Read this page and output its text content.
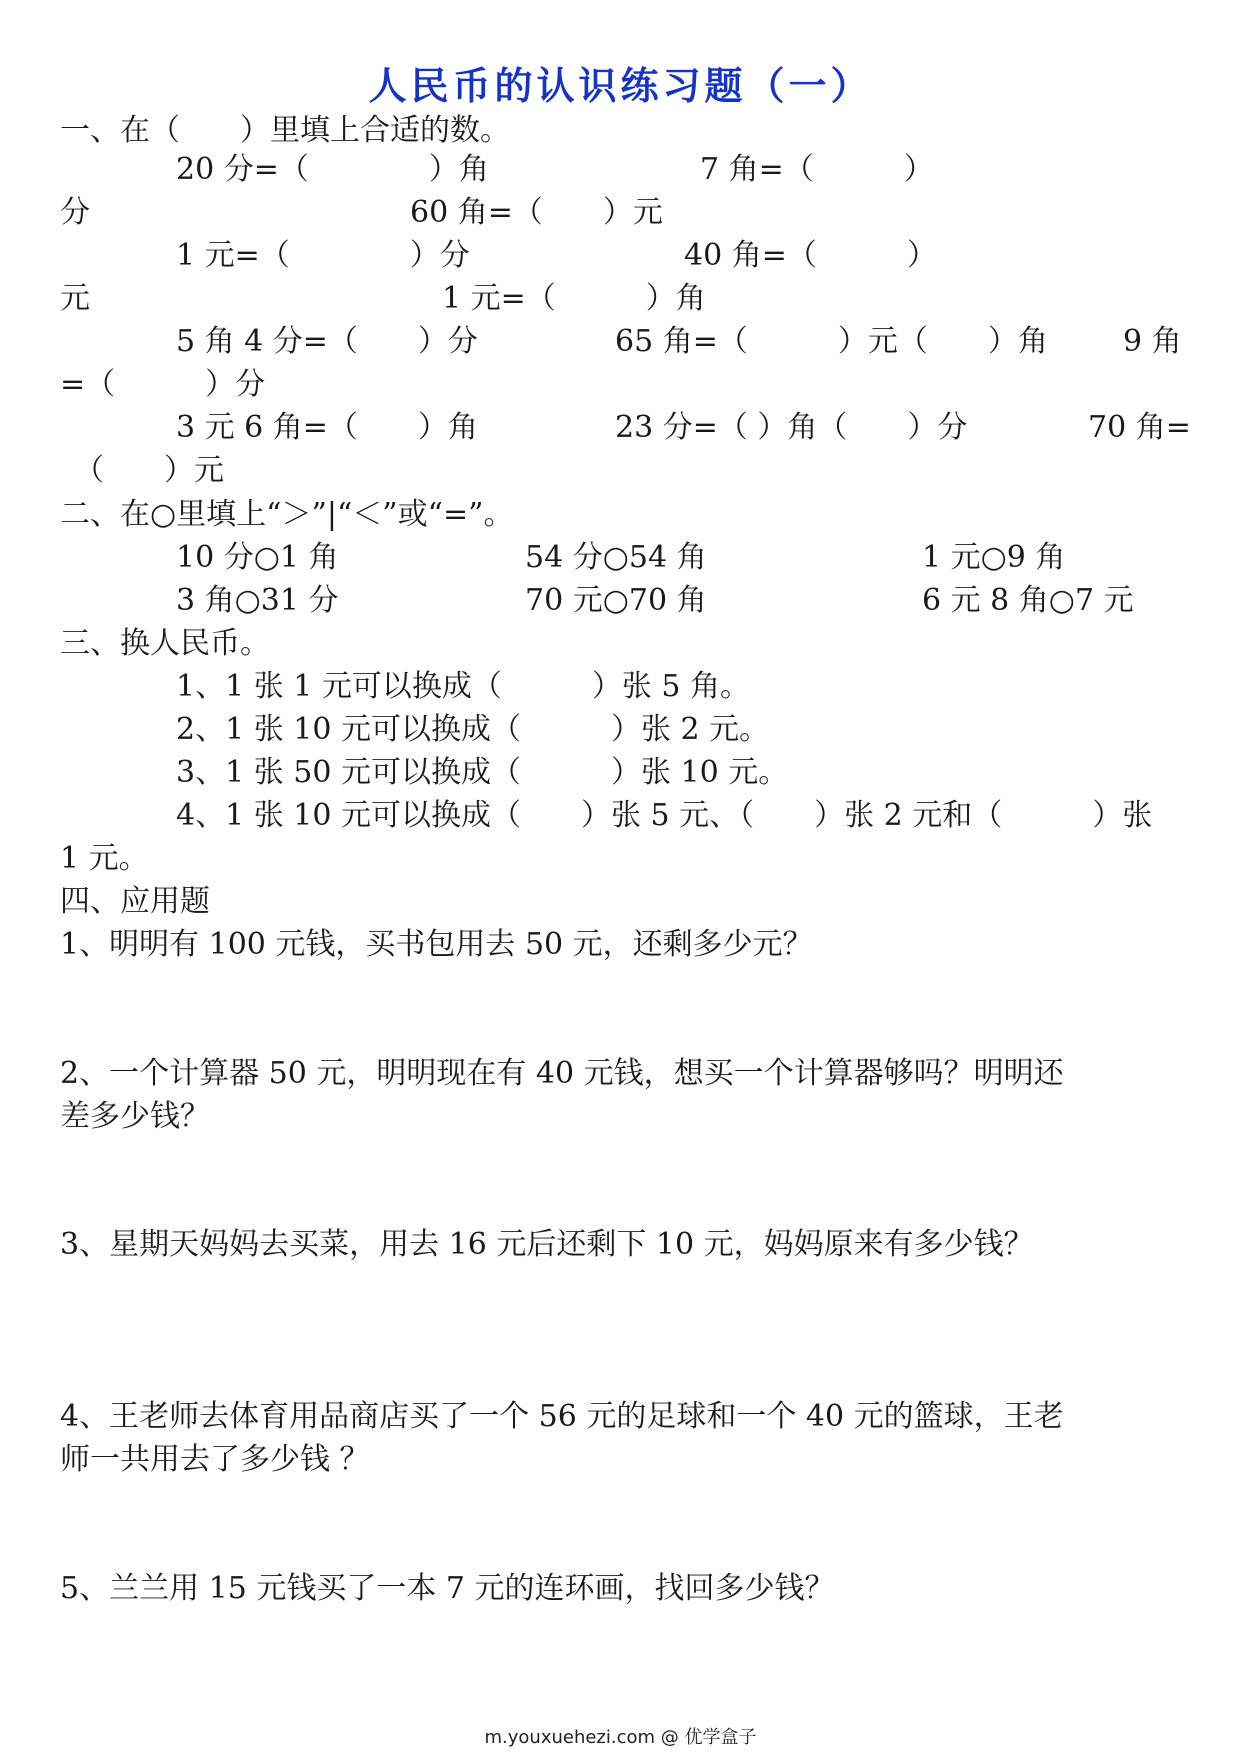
人民币的认识练习题（一）
一、在（　　）里填上合适的数。
20 分=（　　　　）角	7 角=（　　　）
分	60 角=（　　）元
1 元=（　　　　）分	40 角=（　　　）
元	1 元=（　　　）角
5 角 4 分=（　　）分	65 角=（　　　）元（　　）角	9 角
=（　　　）分
3 元 6 角=（　　）角	23 分=（ ）角（　　）分	70 角=
（　　）元
二、在○里填上“＞”|“＜”或“=”。
10 分○1 角	54 分○54 角	1 元○9 角
3 角○31 分	70 元○70 角	6 元 8 角○7 元
三、换人民币。
1、1 张 1 元可以换成（　　　）张 5 角。
2、1 张 10 元可以换成（　　　）张 2 元。
3、1 张 50 元可以换成（　　　）张 10 元。
4、1 张 10 元可以换成（　　）张 5 元、（　　）张 2 元和（　　　）张
1 元。
四、应用题
1、明明有 100 元钱，买书包用去 50 元，还剩多少元？
2、一个计算器 50 元，明明现在有 40 元钱，想买一个计算器够吗？明明还
差多少钱？
3、星期天妈妈去买菜，用去 16 元后还剩下 10 元，妈妈原来有多少钱？
4、王老师去体育用品商店买了一个 56 元的足球和一个 40 元的篮球，王老
师一共用去了多少钱 ？
5、兰兰用 15 元钱买了一本 7 元的连环画，找回多少钱？
m.youxuehezi.com @ 优学盒子
